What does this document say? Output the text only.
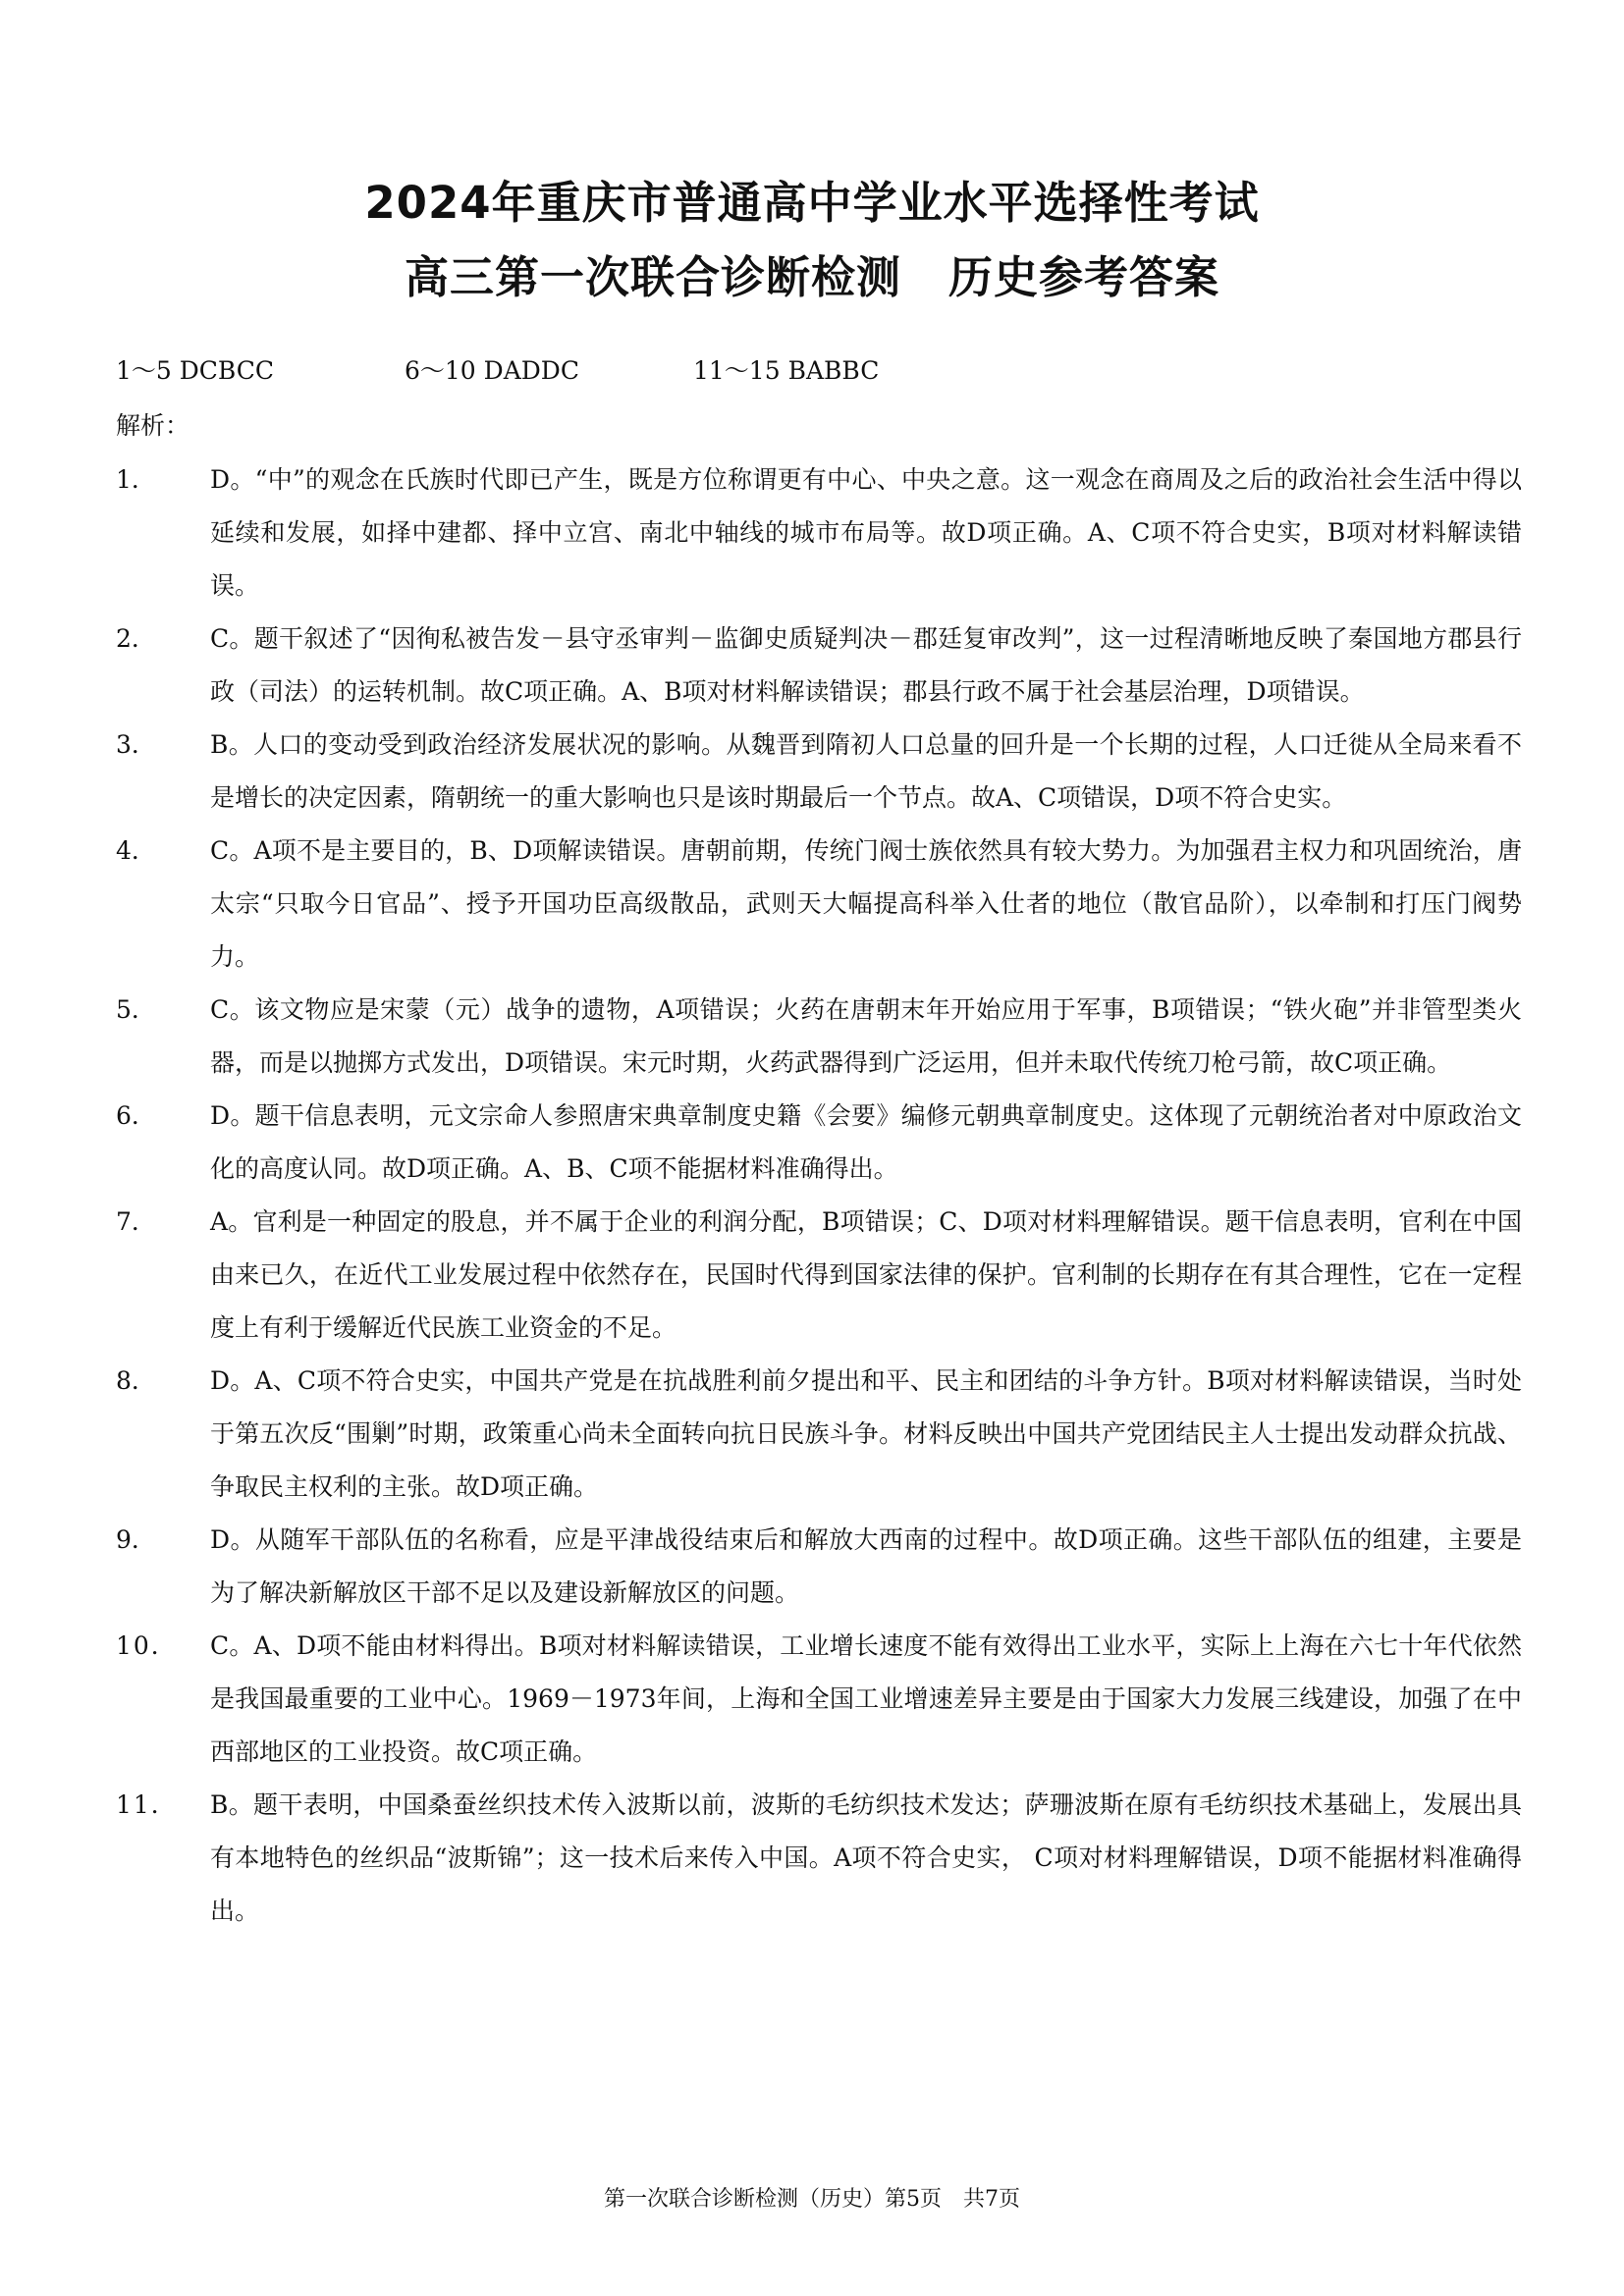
2024年重庆市普通高中学业水平选择性考试
高三第一次联合诊断检测 历史参考答案
1～5 DCBCC	6～10 DADDC	11～15 BABBC
解析：
1．	D。“中”的观念在氏族时代即已产生，既是方位称谓更有中心、中央之意。这一观念在商周及之后的政治社会生活中得以延续和发展，如择中建都、择中立宫、南北中轴线的城市布局等。故D项正确。A、C项不符合史实，B项对材料解读错误。
2．	C。题干叙述了“因徇私被告发－县守丞审判－监御史质疑判决－郡廷复审改判”，这一过程清晰地反映了秦国地方郡县行政（司法）的运转机制。故C项正确。A、B项对材料解读错误；郡县行政不属于社会基层治理，D项错误。
3．	B。人口的变动受到政治经济发展状况的影响。从魏晋到隋初人口总量的回升是一个长期的过程，人口迁徙从全局来看不是增长的决定因素，隋朝统一的重大影响也只是该时期最后一个节点。故A、C项错误，D项不符合史实。
4．	C。A项不是主要目的，B、D项解读错误。唐朝前期，传统门阀士族依然具有较大势力。为加强君主权力和巩固统治，唐太宗“只取今日官品”、授予开国功臣高级散品，武则天大幅提高科举入仕者的地位（散官品阶），以牵制和打压门阀势力。
5．	C。该文物应是宋蒙（元）战争的遗物，A项错误；火药在唐朝末年开始应用于军事，B项错误；“铁火砲”并非管型类火器，而是以抛掷方式发出，D项错误。宋元时期，火药武器得到广泛运用，但并未取代传统刀枪弓箭，故C项正确。
6．	D。题干信息表明，元文宗命人参照唐宋典章制度史籍《会要》编修元朝典章制度史。这体现了元朝统治者对中原政治文化的高度认同。故D项正确。A、B、C项不能据材料准确得出。
7．	A。官利是一种固定的股息，并不属于企业的利润分配，B项错误；C、D项对材料理解错误。题干信息表明，官利在中国由来已久，在近代工业发展过程中依然存在，民国时代得到国家法律的保护。官利制的长期存在有其合理性，它在一定程度上有利于缓解近代民族工业资金的不足。
8．	D。A、C项不符合史实，中国共产党是在抗战胜利前夕提出和平、民主和团结的斗争方针。B项对材料解读错误，当时处于第五次反“围剿”时期，政策重心尚未全面转向抗日民族斗争。材料反映出中国共产党团结民主人士提出发动群众抗战、争取民主权利的主张。故D项正确。
9．	D。从随军干部队伍的名称看，应是平津战役结束后和解放大西南的过程中。故D项正确。这些干部队伍的组建，主要是为了解决新解放区干部不足以及建设新解放区的问题。
10．	C。A、D项不能由材料得出。B项对材料解读错误，工业增长速度不能有效得出工业水平，实际上上海在六七十年代依然是我国最重要的工业中心。1969－1973年间，上海和全国工业增速差异主要是由于国家大力发展三线建设，加强了在中西部地区的工业投资。故C项正确。
11．	B。题干表明，中国桑蚕丝织技术传入波斯以前，波斯的毛纺织技术发达；萨珊波斯在原有毛纺织技术基础上，发展出具有本地特色的丝织品“波斯锦”；这一技术后来传入中国。A项不符合史实， C项对材料理解错误，D项不能据材料准确得出。
第一次联合诊断检测（历史）第5页　共7页
